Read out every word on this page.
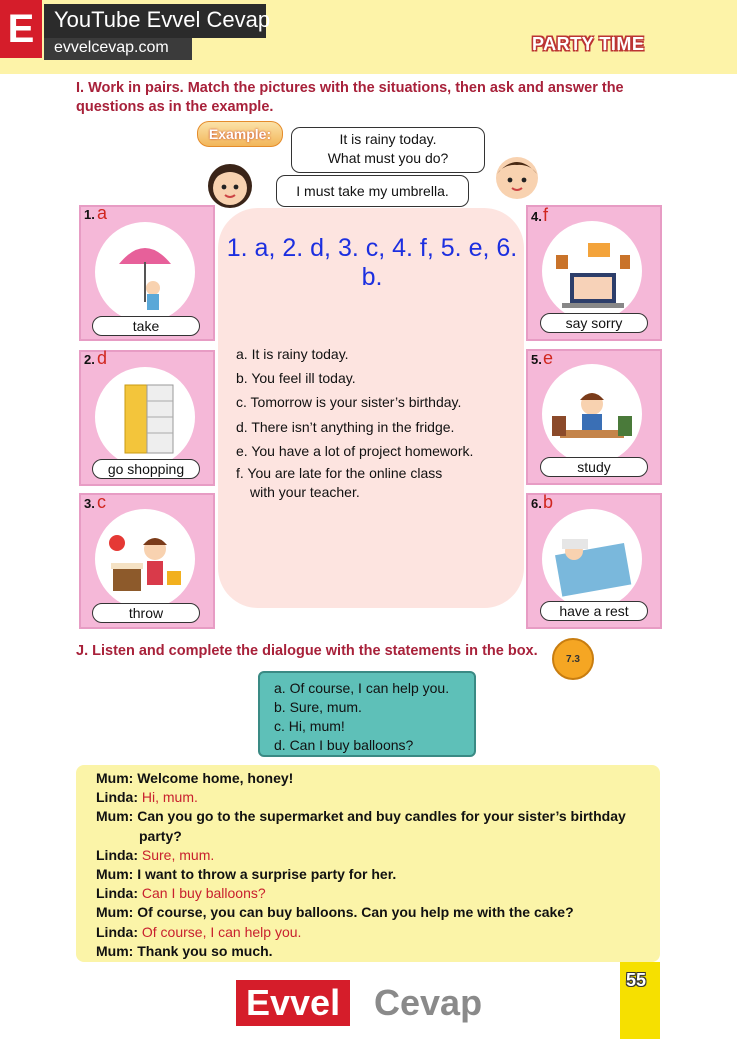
E YouTube Evvel Cevap
evvelcevap.com	PARTY TIME
I. Work in pairs. Match the pictures with the situations, then ask and answer the questions as in the example.
Example:	It is rainy today.
What must you do?
I must take my umbrella.
1. a, 2. d, 3. c, 4. f, 5. e, 6. b.
a. It is rainy today.
b. You feel ill today.
c. Tomorrow is your sister’s birthday.
d. There isn’t anything in the fridge.
e. You have a lot of project homework.
f. You are late for the online class
with your teacher.
1. a
take
2. d
go shopping
3. c
throw
4. f
say sorry
5. e
study
6. b
have a rest
J. Listen and complete the dialogue with the statements in the box.	7.3
a. Of course, I can help you.
b. Sure, mum.
c. Hi, mum!
d. Can I buy balloons?
Mum: Welcome home, honey!
Linda: Hi, mum.
Mum: Can you go to the supermarket and buy candles for your sister’s birthday
party?
Linda: Sure, mum.
Mum: I want to throw a surprise party for her.
Linda: Can I buy balloons?
Mum: Of course, you can buy balloons. Can you help me with the cake?
Linda: Of course, I can help you.
Mum: Thank you so much.
Evvel Cevap
55
